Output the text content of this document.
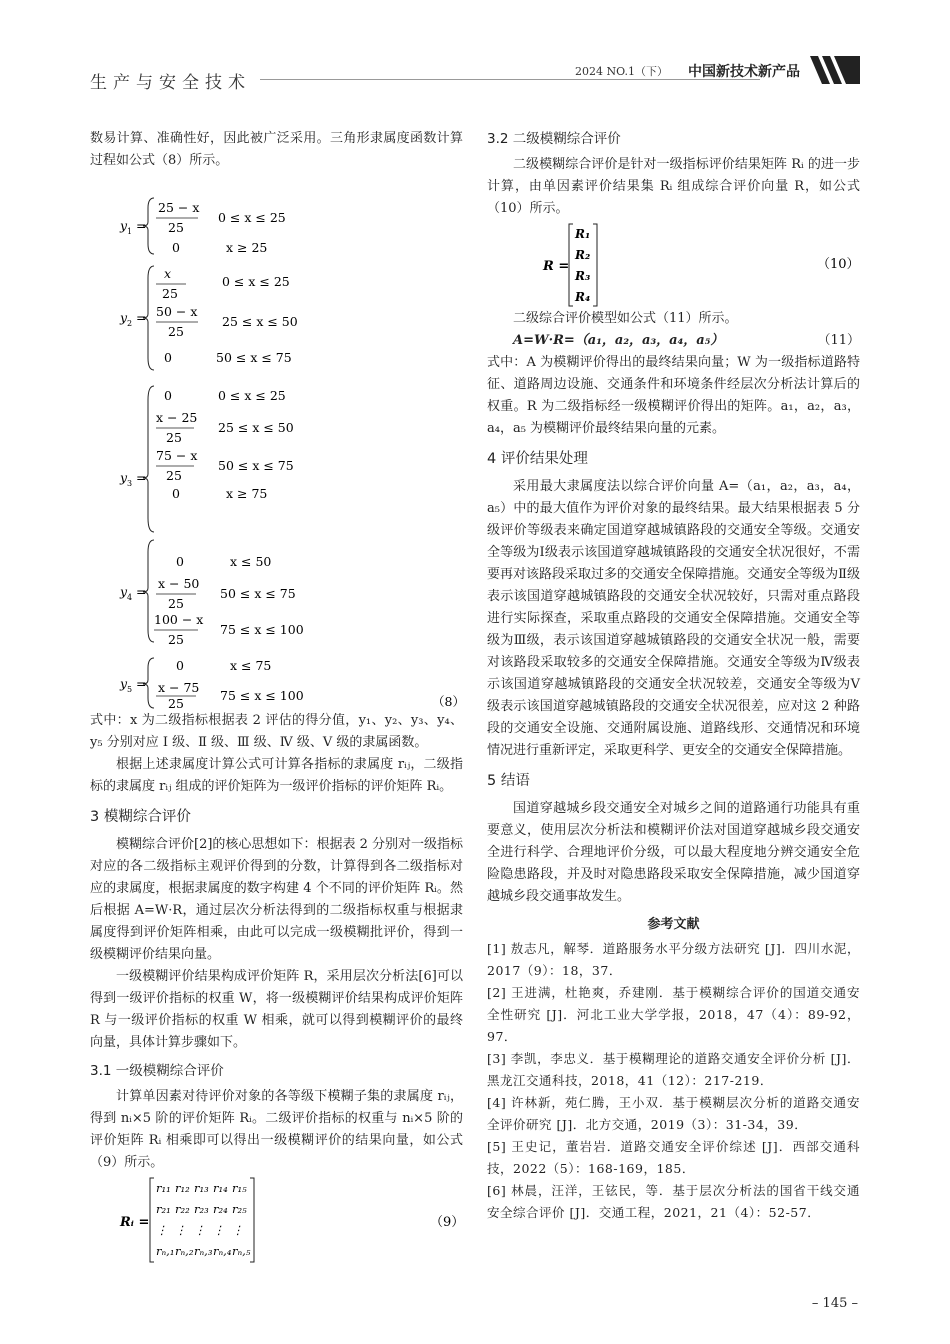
生产与安全技术
2024 NO.1（下） 中国新技术新产品

数易计算、准确性好，因此被广泛采用。三角形隶属度函数计算过程如公式（8）所示。

y 1 =
25 − x
25
0 ≤ x ≤ 25
0	x ≥ 25
y 2 =
x
25
0 ≤ x ≤ 25
50 − x
25
25 ≤ x ≤ 50
0	50 ≤ x ≤ 75
y 3 =
0	0 ≤ x ≤ 25
x − 25
25
25 ≤ x ≤ 50
75 − x
25
50 ≤ x ≤ 75
0	x ≥ 75
y 4 =
0	x ≤ 50
x − 50
25
50 ≤ x ≤ 75
100 − x
25
75 ≤ x ≤ 100
y 5 =
0	x ≤ 75
x − 75
25
75 ≤ x ≤ 100	（8）

式中：x 为二级指标根据表 2 评估的得分值，y₁、y₂、y₃、y₄、y₅ 分别对应 Ⅰ 级、Ⅱ 级、Ⅲ 级、Ⅳ 级、Ⅴ 级的隶属函数。

根据上述隶属度计算公式可计算各指标的隶属度 rᵢⱼ，二级指标的隶属度 rᵢⱼ 组成的评价矩阵为一级评价指标的评价矩阵 Rᵢ。

3 模糊综合评价

模糊综合评价[2]的核心思想如下：根据表 2 分别对一级指标对应的各二级指标主观评价得到的分数，计算得到各二级指标对应的隶属度，根据隶属度的数字构建 4 个不同的评价矩阵 Rᵢ。然后根据 A=W·R，通过层次分析法得到的二级指标权重与根据隶属度得到评价矩阵相乘，由此可以完成一级模糊批评价，得到一级模糊评价结果向量。

一级模糊评价结果构成评价矩阵 R，采用层次分析法[6]可以得到一级评价指标的权重 W，将一级模糊评价结果构成评价矩阵 R 与一级评价指标的权重 W 相乘，就可以得到模糊评价的最终向量，具体计算步骤如下。

3.1 一级模糊综合评价

计算单因素对待评价对象的各等级下模糊子集的隶属度 rᵢⱼ，得到 nᵢ×5 阶的评价矩阵 Rᵢ。二级评价指标的权重与 nᵢ×5 阶的评价矩阵 Rᵢ 相乘即可以得出一级模糊评价的结果向量，如公式（9）所示。

Rᵢ =
r₁₁ r₁₂ r₁₃ r₁₄ r₁₅
r₂₁ r₂₂ r₂₃ r₂₄ r₂₅
⋮ ⋮ ⋮ ⋮ ⋮
rₙ,₁ rₙ,₂ rₙ,₃ rₙ,₄ rₙ,₅
（9）
3.2 二级模糊综合评价

二级模糊综合评价是针对一级指标评价结果矩阵 Rᵢ 的进一步计算，由单因素评价结果集 Rᵢ 组成综合评价向量 R，如公式（10）所示。

R =
R₁
R₂
R₃
R₄
（10）

二级综合评价模型如公式（11）所示。

A=W·R=（a₁，a₂，a₃，a₄，a₅）	（11）

式中：A 为模糊评价得出的最终结果向量；W 为一级指标道路特征、道路周边设施、交通条件和环境条件经层次分析法计算后的权重。R 为二级指标经一级模糊评价得出的矩阵。a₁，a₂，a₃，a₄，a₅ 为模糊评价最终结果向量的元素。

4 评价结果处理

采用最大隶属度法以综合评价向量 A=（a₁，a₂，a₃，a₄，a₅）中的最大值作为评价对象的最终结果。最大结果根据表 5 分级评价等级表来确定国道穿越城镇路段的交通安全等级。交通安全等级为Ⅰ级表示该国道穿越城镇路段的交通安全状况很好，不需要再对该路段采取过多的交通安全保障措施。交通安全等级为Ⅱ级表示该国道穿越城镇路段的交通安全状况较好，只需对重点路段进行实际探查，采取重点路段的交通安全保障措施。交通安全等级为Ⅲ级，表示该国道穿越城镇路段的交通安全状况一般，需要对该路段采取较多的交通安全保障措施。交通安全等级为Ⅳ级表示该国道穿越城镇路段的交通安全状况较差，交通安全等级为Ⅴ级表示该国道穿越城镇路段的交通安全状况很差，应对这 2 种路段的交通安全设施、交通附属设施、道路线形、交通情况和环境情况进行重新评定，采取更科学、更安全的交通安全保障措施。

5 结语

国道穿越城乡段交通安全对城乡之间的道路通行功能具有重要意义，使用层次分析法和模糊评价法对国道穿越城乡段交通安全进行科学、合理地评价分级，可以最大程度地分辨交通安全危险隐患路段，并及时对隐患路段采取安全保障措施，减少国道穿越城乡段交通事故发生。

参考文献
[1] 敖志凡，解琴．道路服务水平分级方法研究 [J]．四川水泥，2017（9）：18，37．
[2] 王进满，杜艳爽，乔建刚．基于模糊综合评价的国道交通安全性研究 [J]．河北工业大学学报，2018，47（4）：89-92，97．
[3] 李凯，李忠义．基于模糊理论的道路交通安全评价分析 [J]．黑龙江交通科技，2018，41（12）：217-219．
[4] 许林新，苑仁腾，王小双．基于模糊层次分析的道路交通安全评价研究 [J]．北方交通，2019（3）：31-34，39．
[5] 王史记，董岩岩．道路交通安全评价综述 [J]．西部交通科技，2022（5）：168-169，185．
[6] 林晨，汪洋，王铉民，等．基于层次分析法的国省干线交通安全综合评价 [J]．交通工程，2021，21（4）：52-57．
– 145 –
